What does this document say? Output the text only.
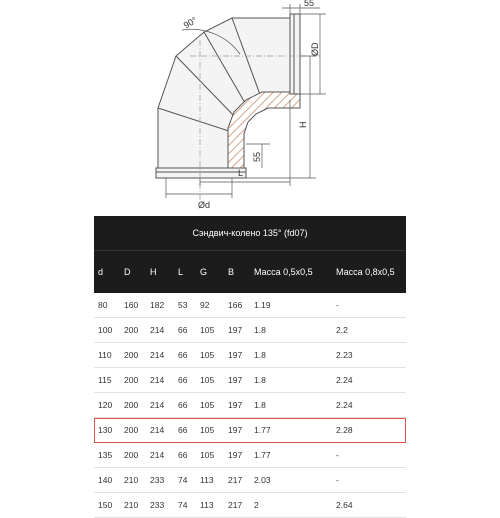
90°
55
ØD
H
55
L
Ød
Сэндвич-колено 135° (fd07)
d D H L G B Масса 0,5х0,5	Масса 0,8х0,5
80 160 182 53 92 166 1.19	-
100 200 214 66 105 197 1.8	2.2
110 200 214 66 105 197 1.8	2.23
115 200 214 66 105 197 1.8	2.24
120 200 214 66 105 197 1.8	2.24
130 200 214 66 105 197 1.77	2.28
135 200 214 66 105 197 1.77	-
140 210 233 74 113 217 2.03	-
150 210 233 74 113 217 2	2.64
